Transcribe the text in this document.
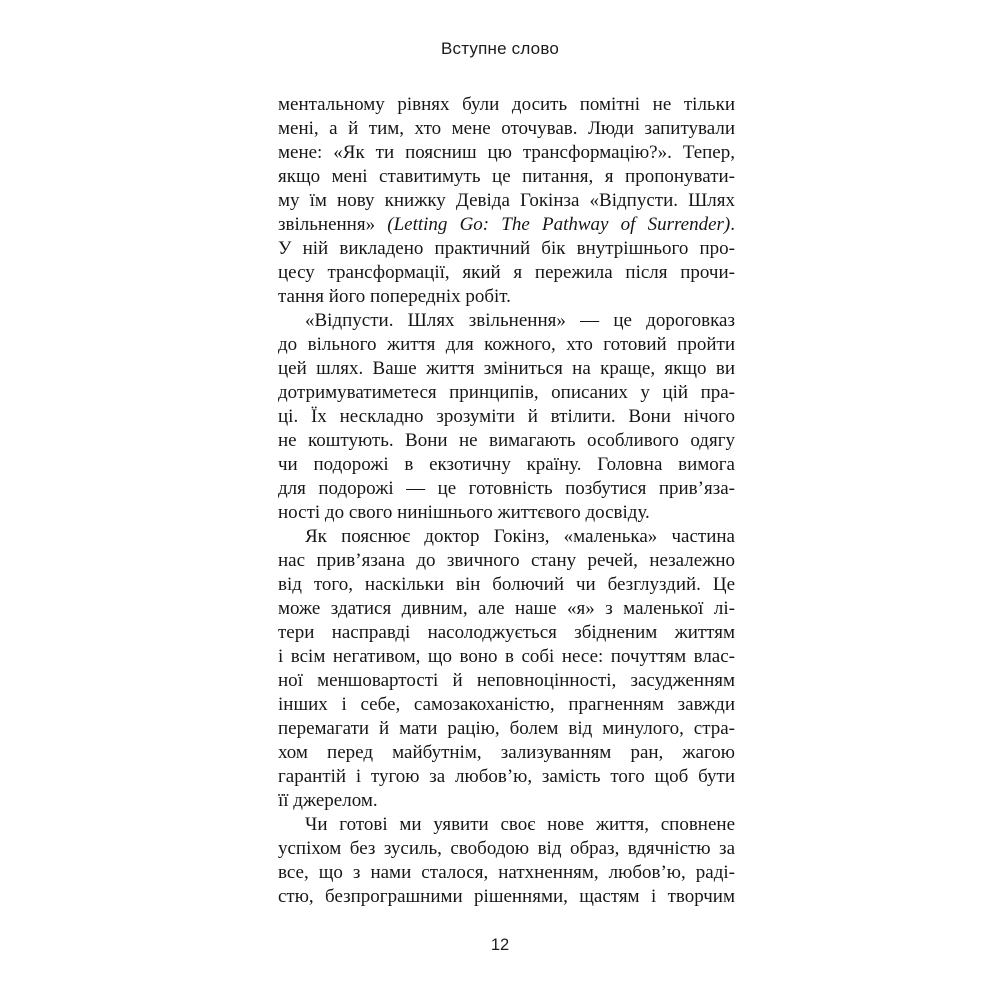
Вступне слово
ментальному рівнях були досить помітні не тільки
мені, а й тим, хто мене оточував. Люди запитували
мене: «Як ти поясниш цю трансформацію?». Тепер,
якщо мені ставитимуть це питання, я пропонувати-
му їм нову книжку Девіда Гокінза «Відпусти. Шлях
звільнення» (Letting Go: The Pathway of Surrender).
У ній викладено практичний бік внутрішнього про-
цесу трансформації, який я пережила після прочи-
тання його попередніх робіт.
«Відпусти. Шлях звільнення» — це дороговказ
до вільного життя для кожного, хто готовий пройти
цей шлях. Ваше життя зміниться на краще, якщо ви
дотримуватиметеся принципів, описаних у цій пра-
ці. Їх нескладно зрозуміти й втілити. Вони нічого
не коштують. Вони не вимагають особливого одягу
чи подорожі в екзотичну країну. Головна вимога
для подорожі — це готовність позбутися прив’яза-
ності до свого нинішнього життєвого досвіду.
Як пояснює доктор Гокінз, «маленька» частина
нас прив’язана до звичного стану речей, незалежно
від того, наскільки він болючий чи безглуздий. Це
може здатися дивним, але наше «я» з маленької лі-
тери насправді насолоджується збідненим життям
і всім негативом, що воно в собі несе: почуттям влас-
ної меншовартості й неповноцінності, засудженням
інших і себе, самозакоханістю, прагненням завжди
перемагати й мати рацію, болем від минулого, стра-
хом перед майбутнім, зализуванням ран, жагою
гарантій і тугою за любов’ю, замість того щоб бути
її джерелом.
Чи готові ми уявити своє нове життя, сповнене
успіхом без зусиль, свободою від образ, вдячністю за
все, що з нами сталося, натхненням, любов’ю, раді-
стю, безпрограшними рішеннями, щастям і творчим
12
